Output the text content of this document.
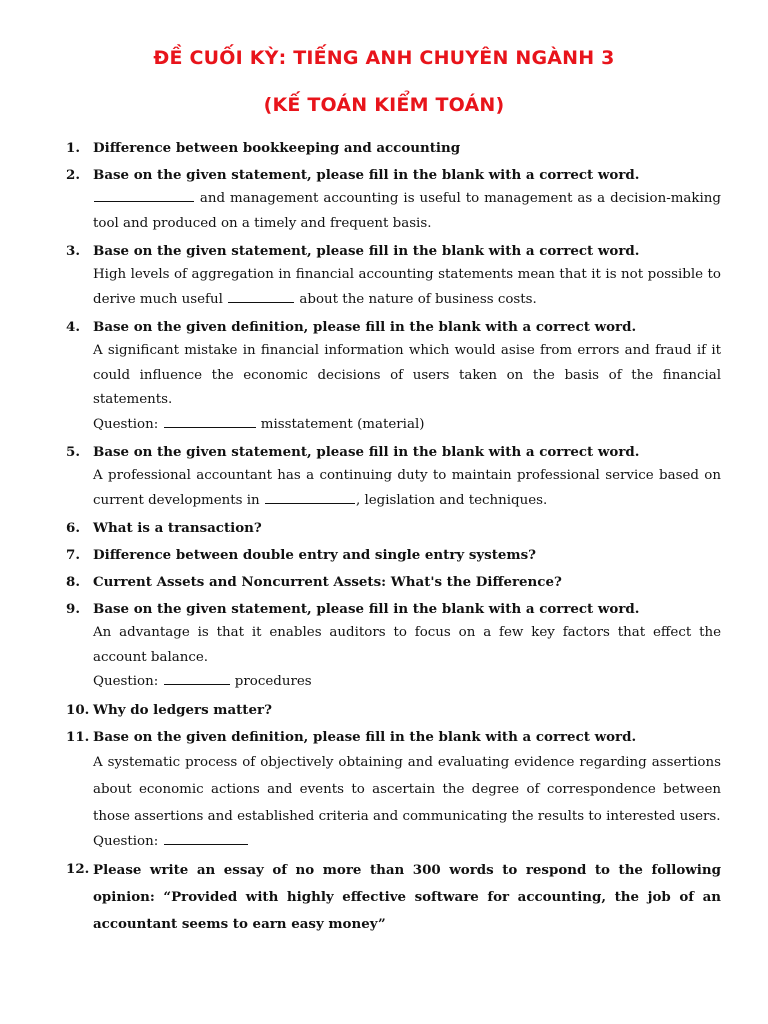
ĐỀ CUỐI KỲ: TIẾNG ANH CHUYÊN NGÀNH 3
(KẾ TOÁN KIỂM TOÁN)
1. Difference between bookkeeping and accounting
2. Base on the given statement, please fill in the blank with a correct word.
and management accounting is useful to management as a decision-making tool and produced on a timely and frequent basis.
3. Base on the given statement, please fill in the blank with a correct word.
High levels of aggregation in financial accounting statements mean that it is not possible to derive much useful	about the nature of business costs.
4. Base on the given definition, please fill in the blank with a correct word.
A significant mistake in financial information which would asise from errors and fraud if it could influence the economic decisions of users taken on the basis of the financial statements.
Question:	misstatement (material)
5. Base on the given statement, please fill in the blank with a correct word.
A professional accountant has a continuing duty to maintain professional service based on current developments in	, legislation and techniques.
6. What is a transaction?
7. Difference between double entry and single entry systems?
8. Current Assets and Noncurrent Assets: What's the Difference?
9. Base on the given statement, please fill in the blank with a correct word.
An advantage is that it enables auditors to focus on a few key factors that effect the account balance.
Question:	procedures
10. Why do ledgers matter?
11. Base on the given definition, please fill in the blank with a correct word.
A systematic process of objectively obtaining and evaluating evidence regarding assertions about economic actions and events to ascertain the degree of correspondence between those assertions and established criteria and communicating the results to interested users.
Question:
12. Please write an essay of no more than 300 words to respond to the following opinion: “Provided with highly effective software for accounting, the job of an accountant seems to earn easy money”
